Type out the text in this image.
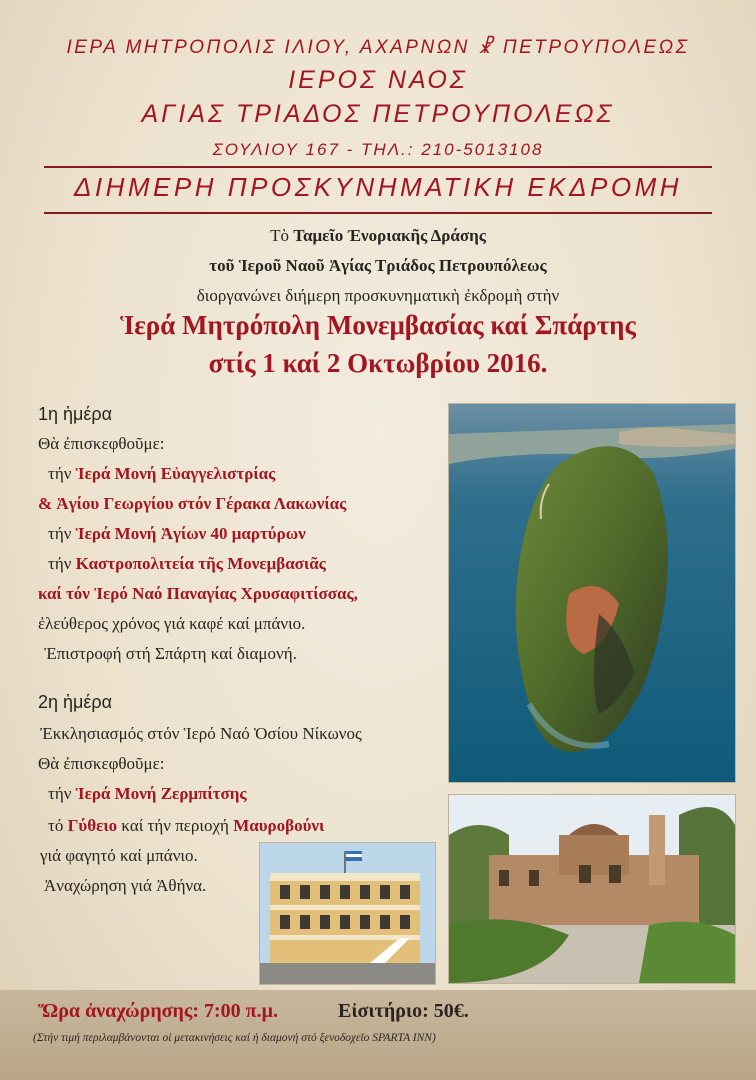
ΙΕΡΑ ΜΗΤΡΟΠΟΛΙΣ ΙΛΙΟΥ, ΑΧΑΡΝΩΝ ☧ ΠΕΤΡΟΥΠΟΛΕΩΣ
ΙΕΡΟΣ ΝΑΟΣ
ΑΓΙΑΣ ΤΡΙΑΔΟΣ ΠΕΤΡΟΥΠΟΛΕΩΣ
ΣΟΥΛΙΟΥ 167 - ΤΗΛ.: 210-5013108
ΔΙΗΜΕΡΗ ΠΡΟΣΚΥΝΗΜΑΤΙΚΗ ΕΚΔΡΟΜΗ
Τὸ Ταμεῖο Ἐνοριακῆς Δράσης
τοῦ Ἱεροῦ Ναοῦ Ἁγίας Τριάδος Πετρουπόλεως
διοργανώνει διήμερη προσκυνηματικὴ ἐκδρομὴ στὴν
Ἱερά Μητρόπολη Μονεμβασίας καί Σπάρτης
στίς 1 καί 2 Οκτωβρίου 2016.
1η ἡμέρα
Θὰ ἐπισκεφθοῦμε:
τήν Ἱερά Μονή Εὐαγγελιστρίας
& Ἁγίου Γεωργίου στόν Γέρακα Λακωνίας
τήν Ἱερά Μονή Ἁγίων 40 μαρτύρων
τήν Καστροπολιτεία τῆς Μονεμβασιᾶς
καί τόν Ἱερό Ναό Παναγίας Χρυσαφιτίσσας,
ἐλεύθερος χρόνος γιά καφέ καί μπάνιο.
Ἐπιστροφή στή Σπάρτη καί διαμονή.
2η ἡμέρα
Ἐκκλησιασμός στόν Ἱερό Ναό Ὁσίου Νίκωνος
Θὰ ἐπισκεφθοῦμε:
τήν Ἱερά Μονή Ζερμπίτσης
τό Γύθειο καί τήν περιοχή Μαυροβούνι
γιά φαγητό καί μπάνιο.
Ἀναχώρηση γιά Ἀθήνα.
Ὥρα ἀναχώρησης: 7:00 π.μ.	Εἰσιτήριο: 50€.
(Στήν τιμή περιλαμβάνονται οἱ μετακινήσεις καί ἡ διαμονή στό ξενοδοχεῖο SPARTA INN)
